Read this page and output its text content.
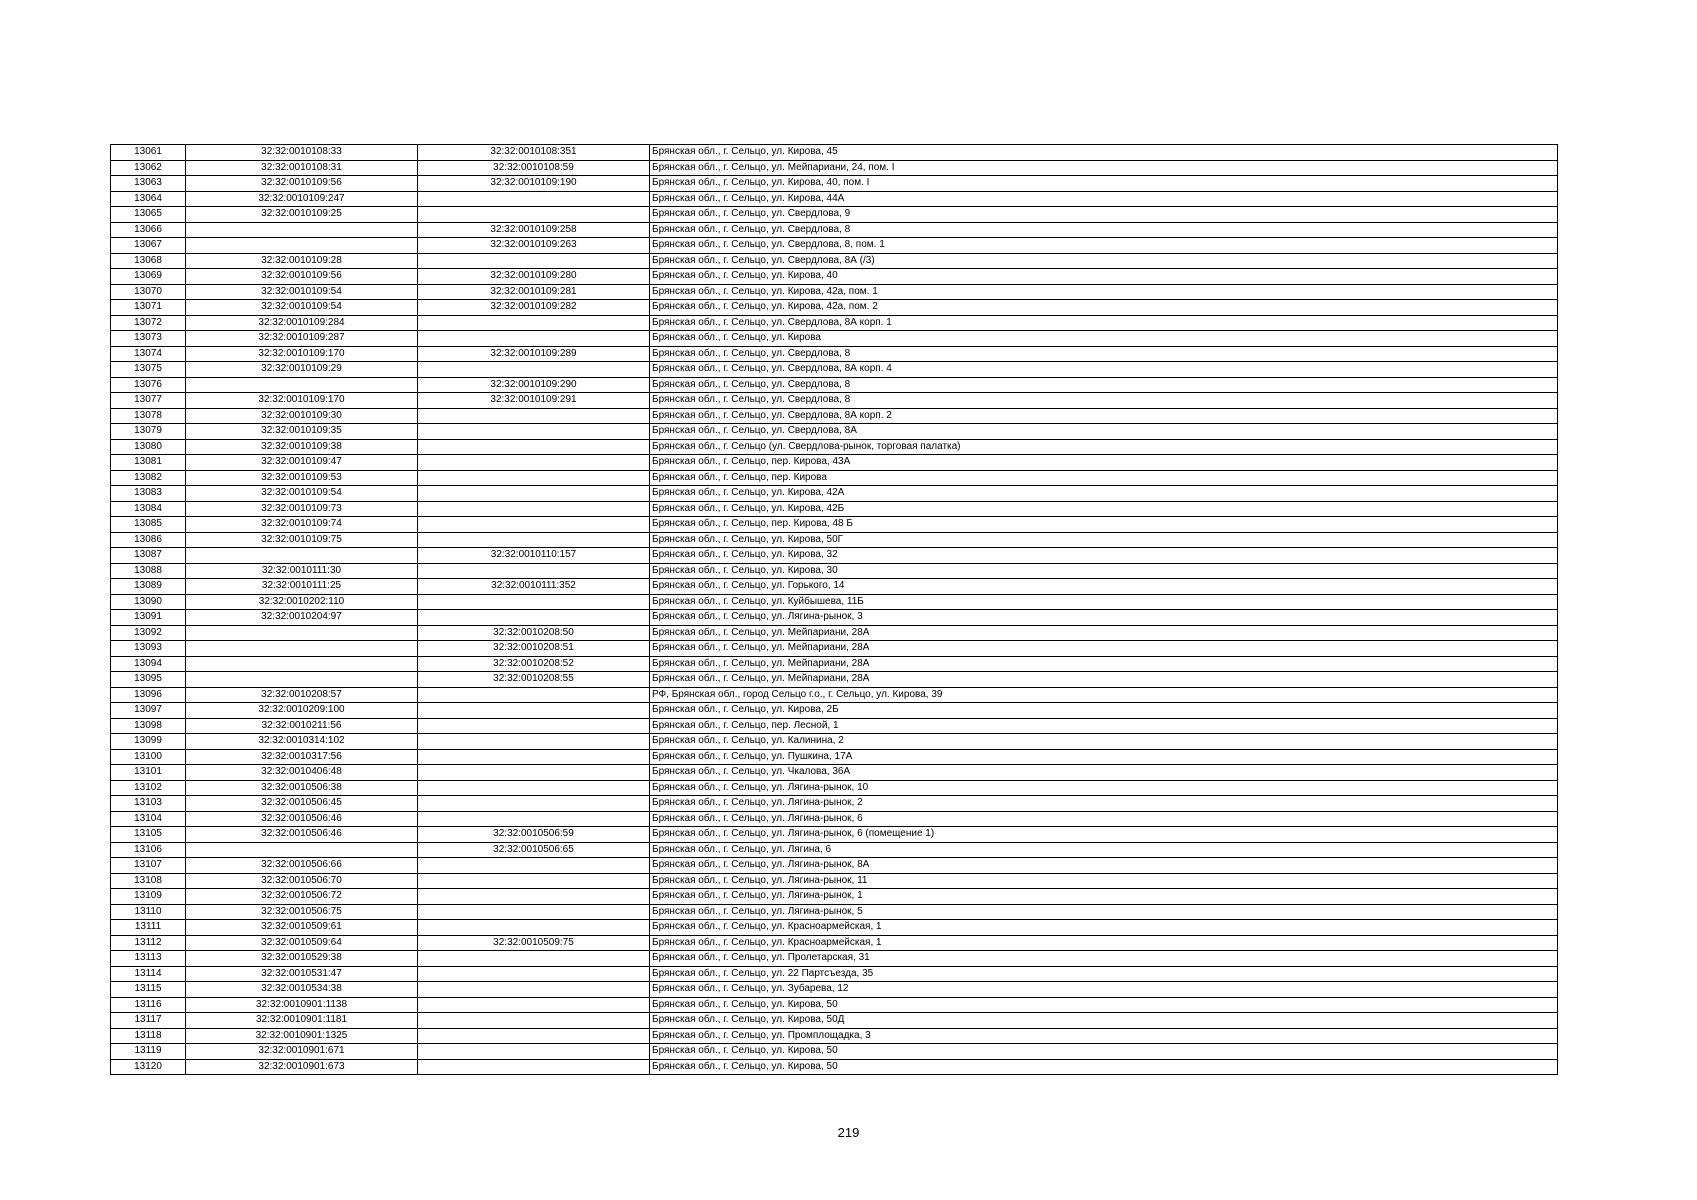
13061	32:32:0010108:33	32:32:0010108:351	Брянская обл., г. Сельцо, ул. Кирова, 45
13062	32:32:0010108:31	32:32:0010108:59	Брянская обл., г. Сельцо, ул. Мейпариани, 24, пом. I
13063	32:32:0010109:56	32:32:0010109:190	Брянская обл., г. Сельцо, ул. Кирова, 40, пом. I
13064	32:32:0010109:247		Брянская обл., г. Сельцо, ул. Кирова, 44А
13065	32:32:0010109:25		Брянская обл., г. Сельцо, ул. Свердлова, 9
13066		32:32:0010109:258	Брянская обл., г. Сельцо, ул. Свердлова, 8
13067		32:32:0010109:263	Брянская обл., г. Сельцо, ул. Свердлова, 8, пом. 1
13068	32:32:0010109:28		Брянская обл., г. Сельцо, ул. Свердлова, 8А (/3)
13069	32:32:0010109:56	32:32:0010109:280	Брянская обл., г. Сельцо, ул. Кирова, 40
13070	32:32:0010109:54	32:32:0010109:281	Брянская обл., г. Сельцо, ул. Кирова, 42а, пом. 1
13071	32:32:0010109:54	32:32:0010109:282	Брянская обл., г. Сельцо, ул. Кирова, 42а, пом. 2
13072	32:32:0010109:284		Брянская обл., г. Сельцо, ул. Свердлова, 8А корп. 1
13073	32:32:0010109:287		Брянская обл., г. Сельцо, ул. Кирова
13074	32:32:0010109:170	32:32:0010109:289	Брянская обл., г. Сельцо, ул. Свердлова, 8
13075	32:32:0010109:29		Брянская обл., г. Сельцо, ул. Свердлова, 8А корп. 4
13076		32:32:0010109:290	Брянская обл., г. Сельцо, ул. Свердлова, 8
13077	32:32:0010109:170	32:32:0010109:291	Брянская обл., г. Сельцо, ул. Свердлова, 8
13078	32:32:0010109:30		Брянская обл., г. Сельцо, ул. Свердлова, 8А корп. 2
13079	32:32:0010109:35		Брянская обл., г. Сельцо, ул. Свердлова, 8А
13080	32:32:0010109:38		Брянская обл., г. Сельцо (ул. Свердлова-рынок, торговая палатка)
13081	32:32:0010109:47		Брянская обл., г. Сельцо, пер. Кирова, 43А
13082	32:32:0010109:53		Брянская обл., г. Сельцо, пер. Кирова
13083	32:32:0010109:54		Брянская обл., г. Сельцо, ул. Кирова, 42А
13084	32:32:0010109:73		Брянская обл., г. Сельцо, ул. Кирова, 42Б
13085	32:32:0010109:74		Брянская обл., г. Сельцо, пер. Кирова, 48 Б
13086	32:32:0010109:75		Брянская обл., г. Сельцо, ул. Кирова, 50Г
13087		32:32:0010110:157	Брянская обл., г. Сельцо, ул. Кирова, 32
13088	32:32:0010111:30		Брянская обл., г. Сельцо, ул. Кирова, 30
13089	32:32:0010111:25	32:32:0010111:352	Брянская обл., г. Сельцо, ул. Горького, 14
13090	32:32:0010202:110		Брянская обл., г. Сельцо, ул. Куйбышева, 11Б
13091	32:32:0010204:97		Брянская обл., г. Сельцо, ул. Лягина-рынок, 3
13092		32:32:0010208:50	Брянская обл., г. Сельцо, ул. Мейпариани, 28А
13093		32:32:0010208:51	Брянская обл., г. Сельцо, ул. Мейпариани, 28А
13094		32:32:0010208:52	Брянская обл., г. Сельцо, ул. Мейпариани, 28А
13095		32:32:0010208:55	Брянская обл., г. Сельцо, ул. Мейпариани, 28А
13096	32:32:0010208:57		РФ, Брянская обл., город Сельцо г.о., г. Сельцо, ул. Кирова, 39
13097	32:32:0010209:100		Брянская обл., г. Сельцо, ул. Кирова, 2Б
13098	32:32:0010211:56		Брянская обл., г. Сельцо, пер. Лесной, 1
13099	32:32:0010314:102		Брянская обл., г. Сельцо, ул. Калинина, 2
13100	32:32:0010317:56		Брянская обл., г. Сельцо, ул. Пушкина, 17А
13101	32:32:0010406:48		Брянская обл., г. Сельцо, ул. Чкалова, 36А
13102	32:32:0010506:38		Брянская обл., г. Сельцо, ул. Лягина-рынок, 10
13103	32:32:0010506:45		Брянская обл., г. Сельцо, ул. Лягина-рынок, 2
13104	32:32:0010506:46		Брянская обл., г. Сельцо, ул. Лягина-рынок, 6
13105	32:32:0010506:46	32:32:0010506:59	Брянская обл., г. Сельцо, ул. Лягина-рынок, 6 (помещение 1)
13106		32:32:0010506:65	Брянская обл., г. Сельцо, ул. Лягина, 6
13107	32:32:0010506:66		Брянская обл., г. Сельцо, ул. Лягина-рынок, 8А
13108	32:32:0010506:70		Брянская обл., г. Сельцо, ул. Лягина-рынок, 11
13109	32:32:0010506:72		Брянская обл., г. Сельцо, ул. Лягина-рынок, 1
13110	32:32:0010506:75		Брянская обл., г. Сельцо, ул. Лягина-рынок, 5
13111	32:32:0010509:61		Брянская обл., г. Сельцо, ул. Красноармейская, 1
13112	32:32:0010509:64	32:32:0010509:75	Брянская обл., г. Сельцо, ул. Красноармейская, 1
13113	32:32:0010529:38		Брянская обл., г. Сельцо, ул. Пролетарская, 31
13114	32:32:0010531:47		Брянская обл., г. Сельцо, ул. 22 Партсъезда, 35
13115	32:32:0010534:38		Брянская обл., г. Сельцо, ул. Зубарева, 12
13116	32:32:0010901:1138		Брянская обл., г. Сельцо, ул. Кирова, 50
13117	32:32:0010901:1181		Брянская обл., г. Сельцо, ул. Кирова, 50Д
13118	32:32:0010901:1325		Брянская обл., г. Сельцо, ул. Промплощадка, 3
13119	32:32:0010901:671		Брянская обл., г. Сельцо, ул. Кирова, 50
13120	32:32:0010901:673		Брянская обл., г. Сельцо, ул. Кирова, 50
219
